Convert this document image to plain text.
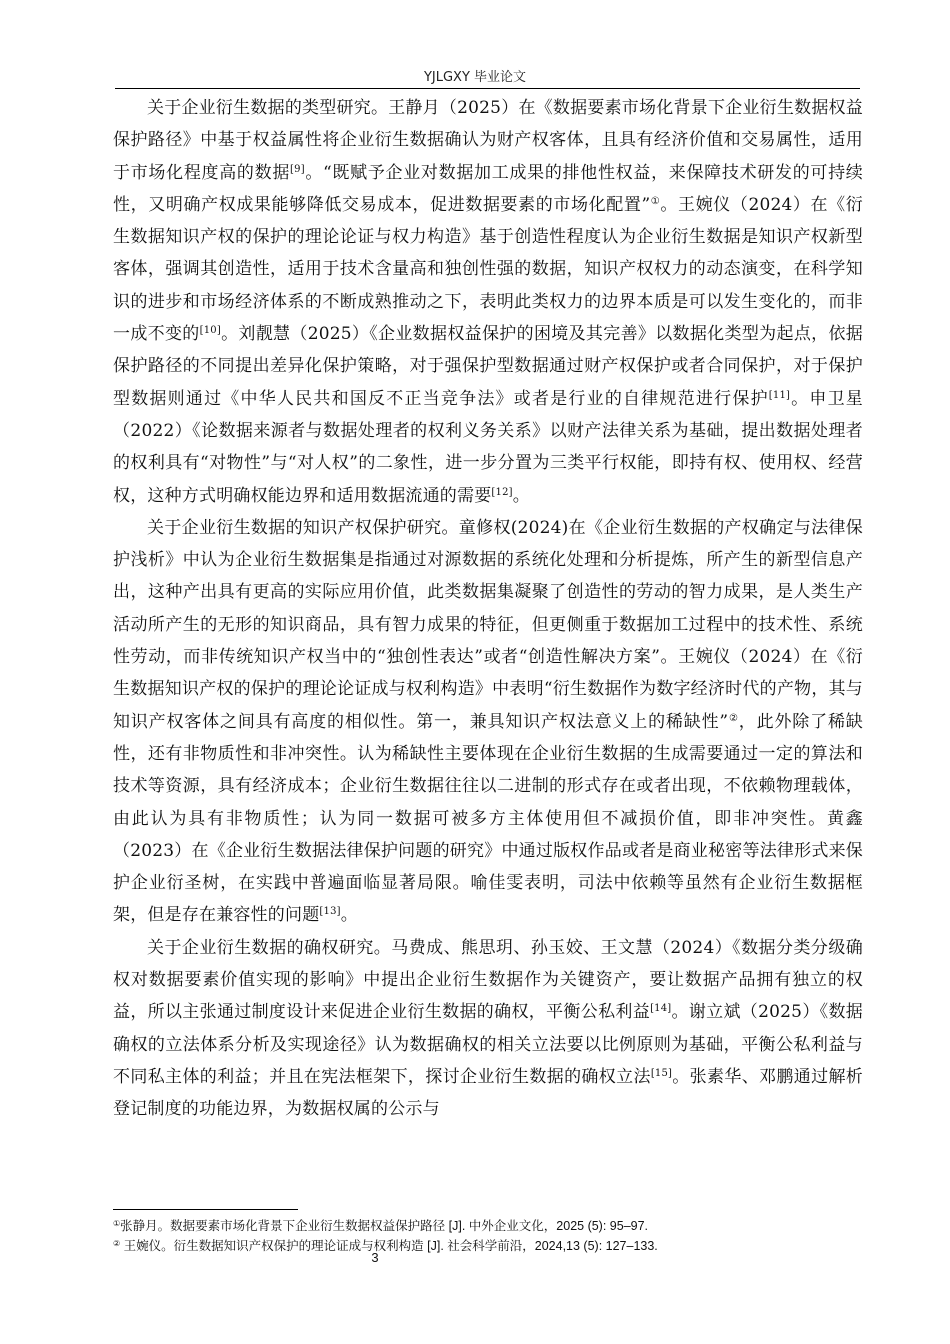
YJLGXY 毕业论文

关于企业衍生数据的类型研究。王静月（2025）在《数据要素市场化背景下企业衍生数据权益保护路径》中基于权益属性将企业衍生数据确认为财产权客体，且具有经济价值和交易属性，适用于市场化程度高的数据[9]。“既赋予企业对数据加工成果的排他性权益，来保障技术研发的可持续性，又明确产权成果能够降低交易成本，促进数据要素的市场化配置”①。王婉仪（2024）在《衍生数据知识产权的保护的理论论证与权力构造》基于创造性程度认为企业衍生数据是知识产权新型客体，强调其创造性，适用于技术含量高和独创性强的数据，知识产权权力的动态演变，在科学知识的进步和市场经济体系的不断成熟推动之下，表明此类权力的边界本质是可以发生变化的，而非一成不变的[10]。刘靓慧（2025）《企业数据权益保护的困境及其完善》以数据化类型为起点，依据保护路径的不同提出差异化保护策略，对于强保护型数据通过财产权保护或者合同保护，对于保护型数据则通过《中华人民共和国反不正当竞争法》或者是行业的自律规范进行保护[11]。申卫星（2022）《论数据来源者与数据处理者的权利义务关系》以财产法律关系为基础，提出数据处理者的权利具有“对物性”与“对人权”的二象性，进一步分置为三类平行权能，即持有权、使用权、经营权，这种方式明确权能边界和适用数据流通的需要[12]。

关于企业衍生数据的知识产权保护研究。童修权(2024)在《企业衍生数据的产权确定与法律保护浅析》中认为企业衍生数据集是指通过对源数据的系统化处理和分析提炼，所产生的新型信息产出，这种产出具有更高的实际应用价值，此类数据集凝聚了创造性的劳动的智力成果，是人类生产活动所产生的无形的知识商品，具有智力成果的特征，但更侧重于数据加工过程中的技术性、系统性劳动，而非传统知识产权当中的“独创性表达”或者“创造性解决方案”。王婉仪（2024）在《衍生数据知识产权的保护的理论论证成与权利构造》中表明“衍生数据作为数字经济时代的产物，其与知识产权客体之间具有高度的相似性。第一，兼具知识产权法意义上的稀缺性”②，此外除了稀缺性，还有非物质性和非冲突性。认为稀缺性主要体现在企业衍生数据的生成需要通过一定的算法和技术等资源，具有经济成本；企业衍生数据往往以二进制的形式存在或者出现，不依赖物理载体，由此认为具有非物质性；认为同一数据可被多方主体使用但不减损价值，即非冲突性。黄鑫（2023）在《企业衍生数据法律保护问题的研究》中通过版权作品或者是商业秘密等法律形式来保护企业衍圣树，在实践中普遍面临显著局限。喻佳雯表明，司法中依赖等虽然有企业衍生数据框架，但是存在兼容性的问题[13]。

关于企业衍生数据的确权研究。马费成、熊思玥、孙玉姣、王文慧（2024）《数据分类分级确权对数据要素价值实现的影响》中提出企业衍生数据作为关键资产，要让数据产品拥有独立的权益，所以主张通过制度设计来促进企业衍生数据的确权，平衡公私利益[14]。谢立斌（2025）《数据确权的立法体系分析及实现途径》认为数据确权的相关立法要以比例原则为基础，平衡公私利益与不同私主体的利益；并且在宪法框架下，探讨企业衍生数据的确权立法[15]。张素华、邓鹏通过解析登记制度的功能边界，为数据权属的公示与

①张静月。数据要素市场化背景下企业衍生数据权益保护路径 [J]. 中外企业文化，2025 (5): 95–97.

② 王婉仪。衍生数据知识产权保护的理论证成与权利构造 [J]. 社会科学前沿，2024,13 (5): 127–133.

3
